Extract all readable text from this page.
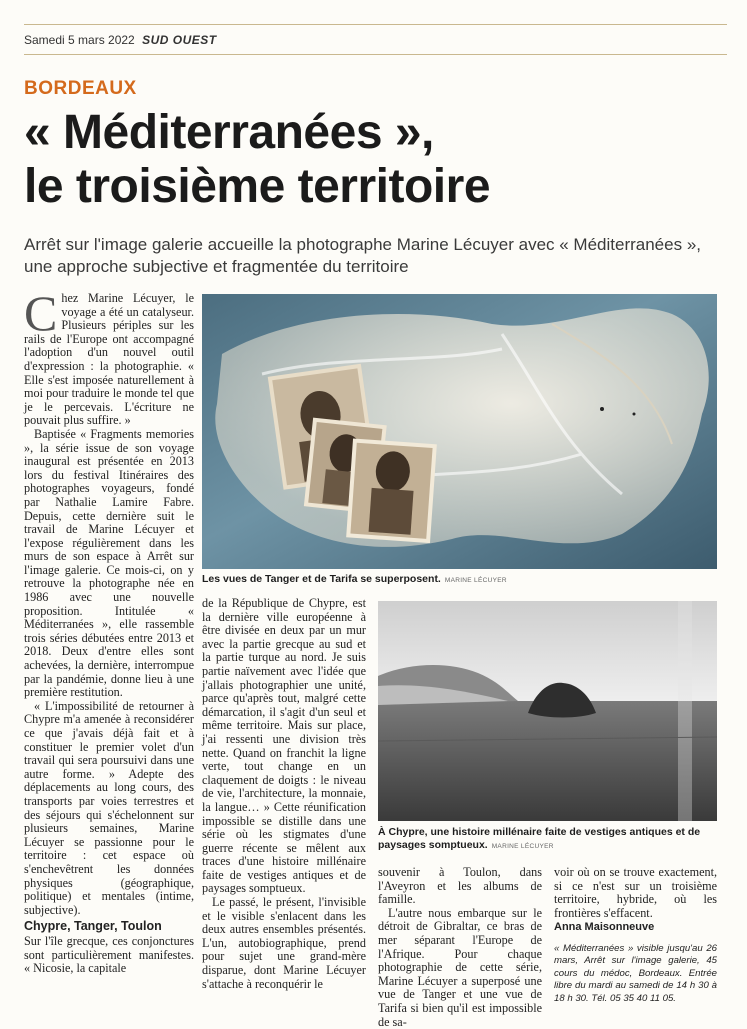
Samedi 5 mars 2022 SUD OUEST
BORDEAUX
« Méditerranées »,
le troisième territoire
Arrêt sur l'image galerie accueille la photographe Marine Lécuyer avec « Méditerranées », une approche subjective et fragmentée du territoire

Chez Marine Lécuyer, le voyage a été un catalyseur. Plusieurs périples sur les rails de l'Europe ont accompagné l'adoption d'un nouvel outil d'expression : la photographie. « Elle s'est imposée naturellement à moi pour traduire le monde tel que je le percevais. L'écriture ne pouvait plus suffire. »

Baptisée « Fragments memories », la série issue de son voyage inaugural est présentée en 2013 lors du festival Itinéraires des photographes voyageurs, fondé par Nathalie Lamire Fabre. Depuis, cette dernière suit le travail de Marine Lécuyer et l'expose régulièrement dans les murs de son espace à Arrêt sur l'image galerie. Ce mois-ci, on y retrouve la photographe née en 1986 avec une nouvelle proposition. Intitulée « Méditerranées », elle rassemble trois séries débutées entre 2013 et 2018. Deux d'entre elles sont achevées, la dernière, interrompue par la pandémie, donne lieu à une première restitution.

« L'impossibilité de retourner à Chypre m'a amenée à reconsidérer ce que j'avais déjà fait et à constituer le premier volet d'un travail qui sera poursuivi dans une autre forme. » Adepte des déplacements au long cours, des transports par voies terrestres et des séjours qui s'échelonnent sur plusieurs semaines, Marine Lécuyer se passionne pour le territoire : cet espace où s'enchevêtrent les données physiques (géographique, politique) et mentales (intime, subjective).

Chypre, Tanger, Toulon

Sur l'île grecque, ces conjonctures sont particulièrement manifestes. « Nicosie, la capitale

Les vues de Tanger et de Tarifa se superposent. MARINE LÉCUYER

de la République de Chypre, est la dernière ville européenne à être divisée en deux par un mur avec la partie grecque au sud et la partie turque au nord. Je suis partie naïvement avec l'idée que j'allais photographier une unité, parce qu'après tout, malgré cette démarcation, il s'agit d'un seul et même territoire. Mais sur place, j'ai ressenti une division très nette. Quand on franchit la ligne verte, tout change en un claquement de doigts : le niveau de vie, l'architecture, la monnaie, la langue… » Cette réunification impossible se distille dans une série où les stigmates d'une guerre récente se mêlent aux traces d'une histoire millénaire faite de vestiges antiques et de paysages somptueux.

Le passé, le présent, l'invisible et le visible s'enlacent dans les deux autres ensembles présentés. L'un, autobiographique, prend pour sujet une grand-mère disparue, dont Marine Lécuyer s'attache à reconquérir le

À Chypre, une histoire millénaire faite de vestiges antiques et de paysages somptueux. MARINE LÉCUYER

souvenir à Toulon, dans l'Aveyron et les albums de famille.

L'autre nous embarque sur le détroit de Gibraltar, ce bras de mer séparant l'Europe de l'Afrique. Pour chaque photographie de cette série, Marine Lécuyer a superposé une vue de Tanger et une vue de Tarifa si bien qu'il est impossible de sa-

voir où on se trouve exactement, si ce n'est sur un troisième territoire, hybride, où les frontières s'effacent.

Anna Maisonneuve
« Méditerranées » visible jusqu'au 26 mars, Arrêt sur l'image galerie, 45 cours du médoc, Bordeaux. Entrée libre du mardi au samedi de 14 h 30 à 18 h 30. Tél. 05 35 40 11 05.
